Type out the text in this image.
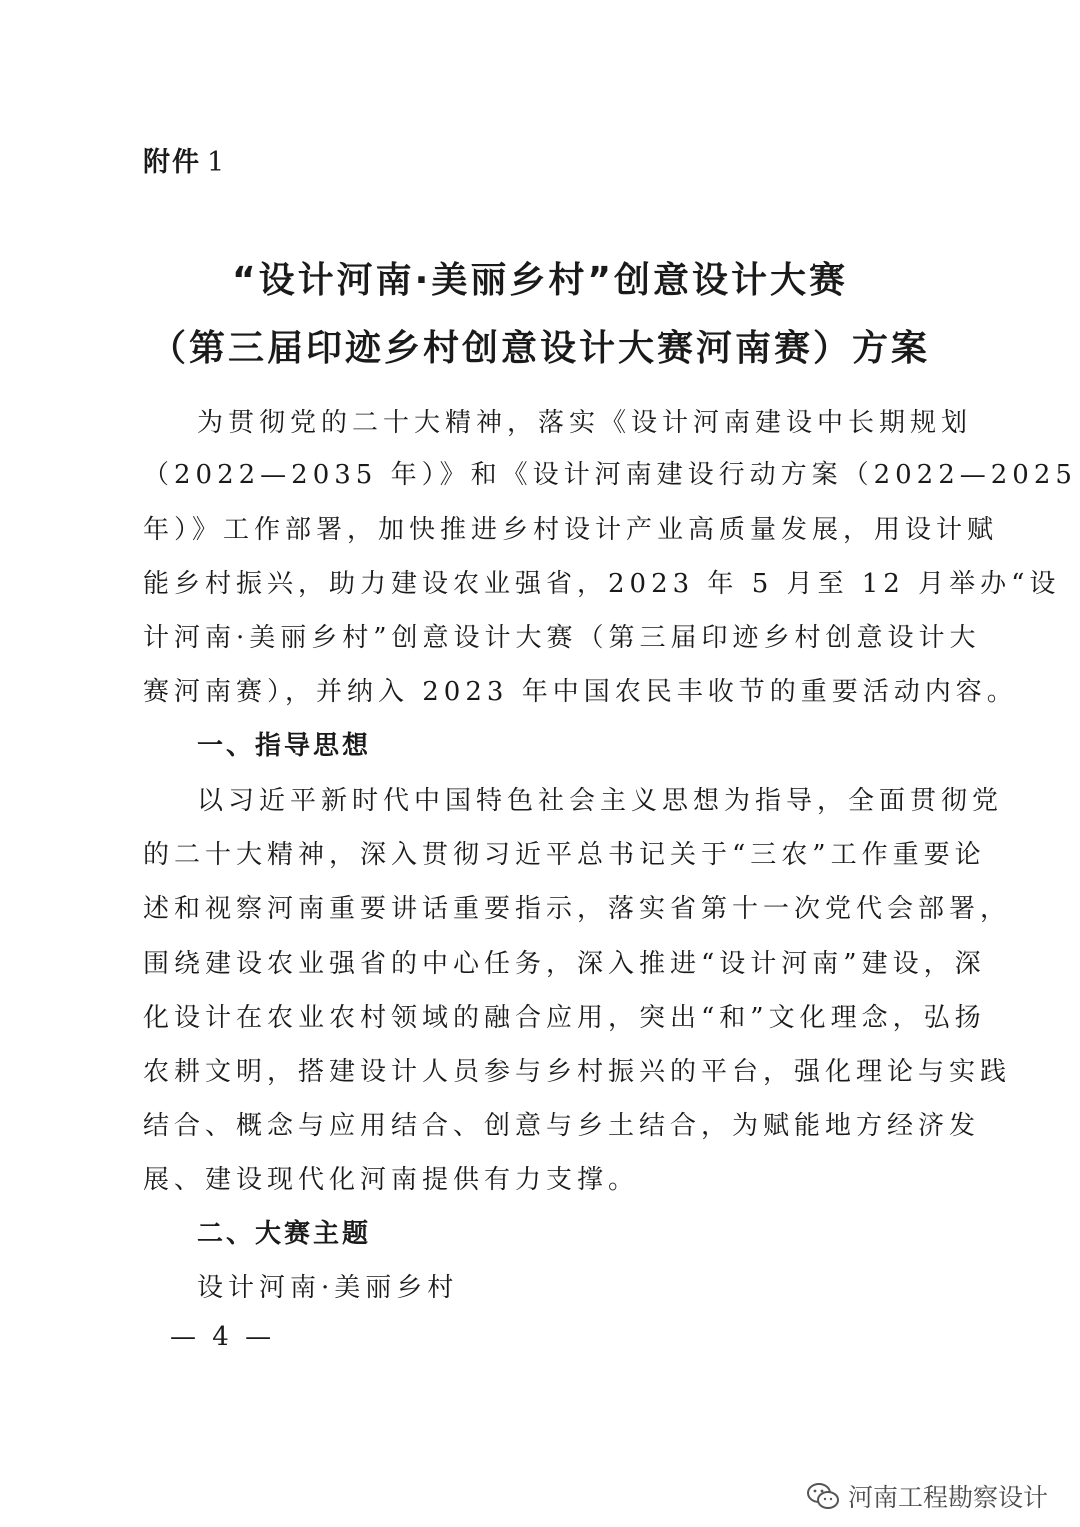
附件 1
“设计河南·美丽乡村”创意设计大赛
（第三届印迹乡村创意设计大赛河南赛）方案
为贯彻党的二十大精神，落实《设计河南建设中长期规划
（2022—2035 年）》和《设计河南建设行动方案（2022—2025
年）》工作部署，加快推进乡村设计产业高质量发展，用设计赋
能乡村振兴，助力建设农业强省，2023 年 5 月至 12 月举办“设
计河南·美丽乡村”创意设计大赛（第三届印迹乡村创意设计大
赛河南赛），并纳入 2023 年中国农民丰收节的重要活动内容。
一、指导思想
以习近平新时代中国特色社会主义思想为指导，全面贯彻党
的二十大精神，深入贯彻习近平总书记关于“三农”工作重要论
述和视察河南重要讲话重要指示，落实省第十一次党代会部署，
围绕建设农业强省的中心任务，深入推进“设计河南”建设，深
化设计在农业农村领域的融合应用，突出“和”文化理念，弘扬
农耕文明，搭建设计人员参与乡村振兴的平台，强化理论与实践
结合、概念与应用结合、创意与乡土结合，为赋能地方经济发
展、建设现代化河南提供有力支撑。
二、大赛主题
设计河南·美丽乡村
— 4 —
河南工程勘察设计
